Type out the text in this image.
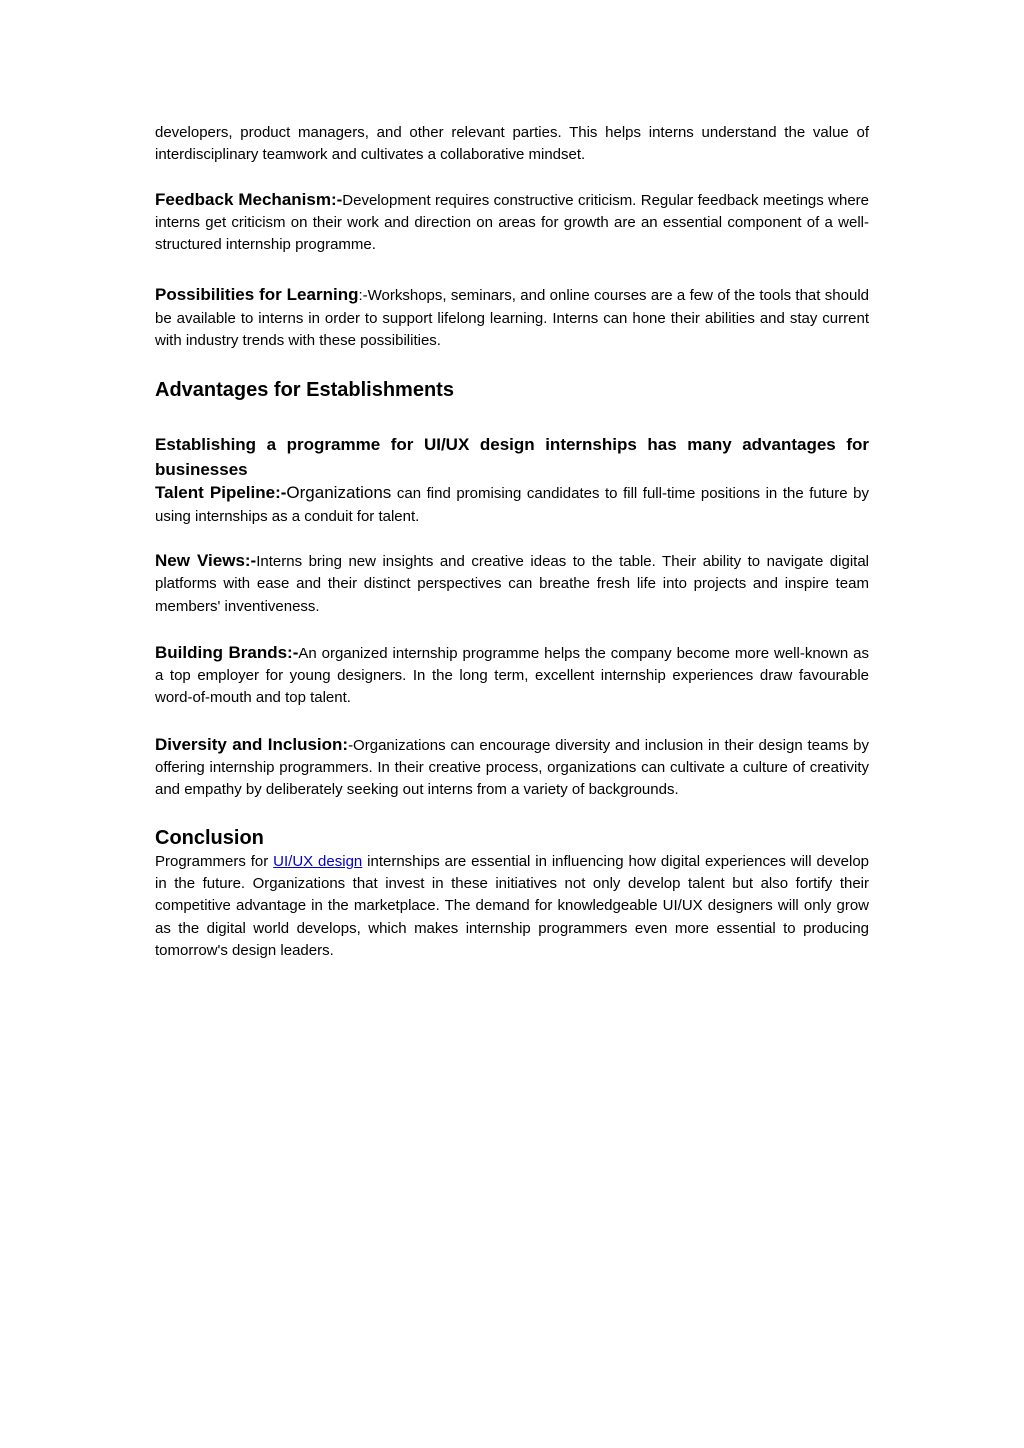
developers, product managers, and other relevant parties. This helps interns understand the value of interdisciplinary teamwork and cultivates a collaborative mindset.

Feedback Mechanism:-Development requires constructive criticism. Regular feedback meetings where interns get criticism on their work and direction on areas for growth are an essential component of a well-structured internship programme.

Possibilities for Learning:-Workshops, seminars, and online courses are a few of the tools that should be available to interns in order to support lifelong learning. Interns can hone their abilities and stay current with industry trends with these possibilities.

Advantages for Establishments
Establishing a programme for UI/UX design internships has many advantages for businesses

Talent Pipeline:-Organizations can find promising candidates to fill full-time positions in the future by using internships as a conduit for talent.

New Views:-Interns bring new insights and creative ideas to the table. Their ability to navigate digital platforms with ease and their distinct perspectives can breathe fresh life into projects and inspire team members' inventiveness.

Building Brands:-An organized internship programme helps the company become more well-known as a top employer for young designers. In the long term, excellent internship experiences draw favourable word-of-mouth and top talent.

Diversity and Inclusion:-Organizations can encourage diversity and inclusion in their design teams by offering internship programmers. In their creative process, organizations can cultivate a culture of creativity and empathy by deliberately seeking out interns from a variety of backgrounds.

Conclusion

Programmers for UI/UX design internships are essential in influencing how digital experiences will develop in the future. Organizations that invest in these initiatives not only develop talent but also fortify their competitive advantage in the marketplace. The demand for knowledgeable UI/UX designers will only grow as the digital world develops, which makes internship programmers even more essential to producing tomorrow's design leaders.
